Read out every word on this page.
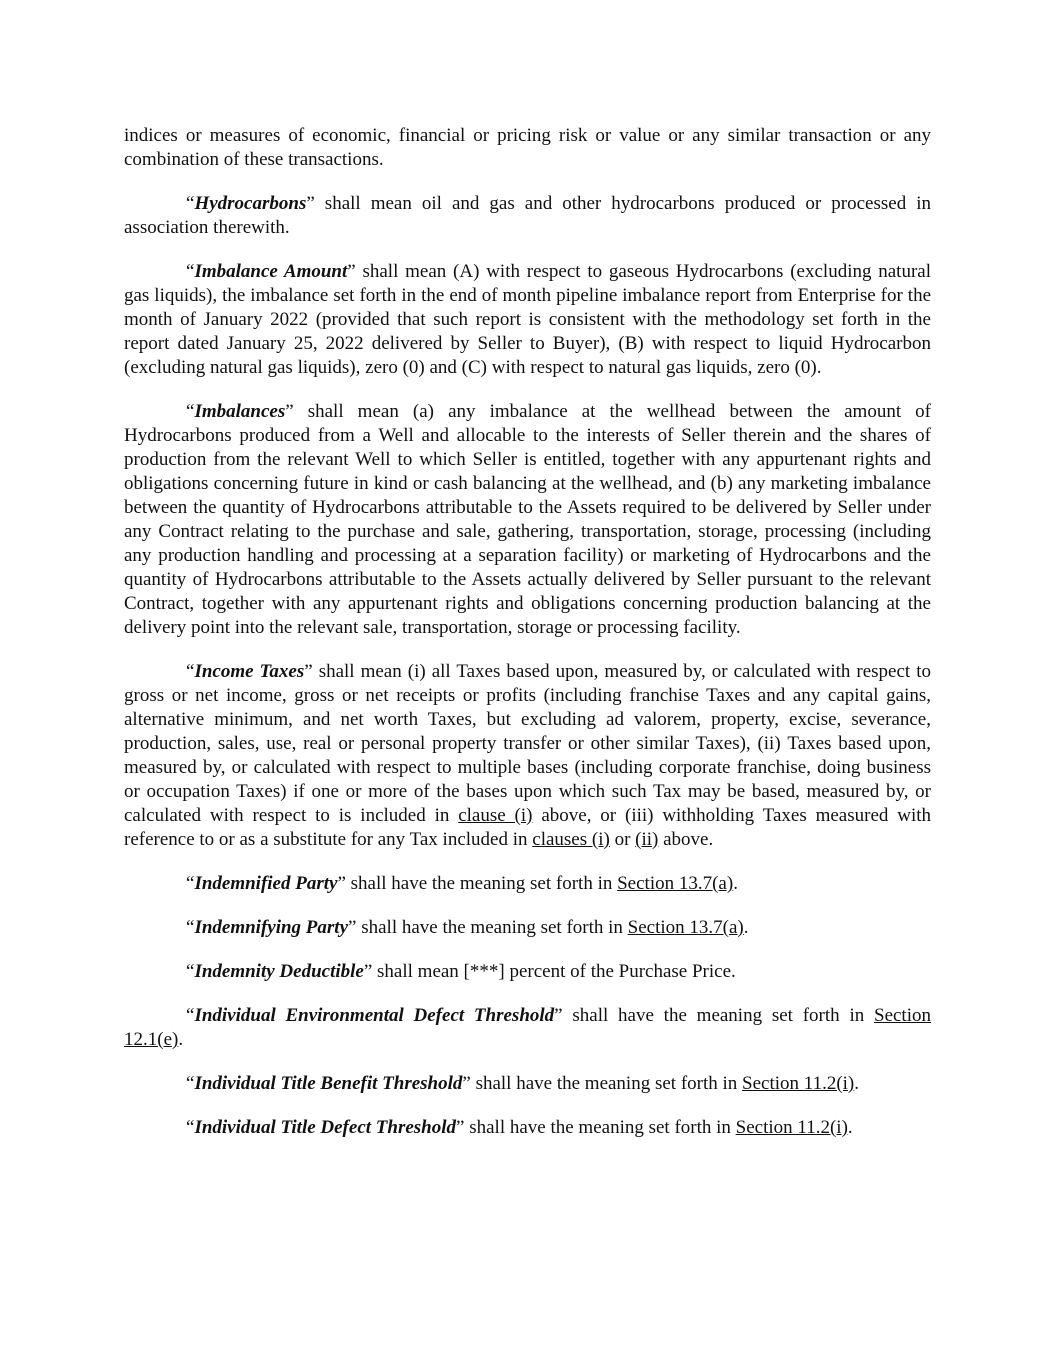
indices or measures of economic, financial or pricing risk or value or any similar transaction or any combination of these transactions.

“Hydrocarbons” shall mean oil and gas and other hydrocarbons produced or processed in association therewith.

“Imbalance Amount” shall mean (A) with respect to gaseous Hydrocarbons (excluding natural gas liquids), the imbalance set forth in the end of month pipeline imbalance report from Enterprise for the month of January 2022 (provided that such report is consistent with the methodology set forth in the report dated January 25, 2022 delivered by Seller to Buyer), (B) with respect to liquid Hydrocarbon (excluding natural gas liquids), zero (0) and (C) with respect to natural gas liquids, zero (0).

“Imbalances” shall mean (a) any imbalance at the wellhead between the amount of Hydrocarbons produced from a Well and allocable to the interests of Seller therein and the shares of production from the relevant Well to which Seller is entitled, together with any appurtenant rights and obligations concerning future in kind or cash balancing at the wellhead, and (b) any marketing imbalance between the quantity of Hydrocarbons attributable to the Assets required to be delivered by Seller under any Contract relating to the purchase and sale, gathering, transportation, storage, processing (including any production handling and processing at a separation facility) or marketing of Hydrocarbons and the quantity of Hydrocarbons attributable to the Assets actually delivered by Seller pursuant to the relevant Contract, together with any appurtenant rights and obligations concerning production balancing at the delivery point into the relevant sale, transportation, storage or processing facility.

“Income Taxes” shall mean (i) all Taxes based upon, measured by, or calculated with respect to gross or net income, gross or net receipts or profits (including franchise Taxes and any capital gains, alternative minimum, and net worth Taxes, but excluding ad valorem, property, excise, severance, production, sales, use, real or personal property transfer or other similar Taxes), (ii) Taxes based upon, measured by, or calculated with respect to multiple bases (including corporate franchise, doing business or occupation Taxes) if one or more of the bases upon which such Tax may be based, measured by, or calculated with respect to is included in clause (i) above, or (iii) withholding Taxes measured with reference to or as a substitute for any Tax included in clauses (i) or (ii) above.

“Indemnified Party” shall have the meaning set forth in Section 13.7(a).

“Indemnifying Party” shall have the meaning set forth in Section 13.7(a).

“Indemnity Deductible” shall mean [***] percent of the Purchase Price.

“Individual Environmental Defect Threshold” shall have the meaning set forth in Section 12.1(e).

“Individual Title Benefit Threshold” shall have the meaning set forth in Section 11.2(i).

“Individual Title Defect Threshold” shall have the meaning set forth in Section 11.2(i).
